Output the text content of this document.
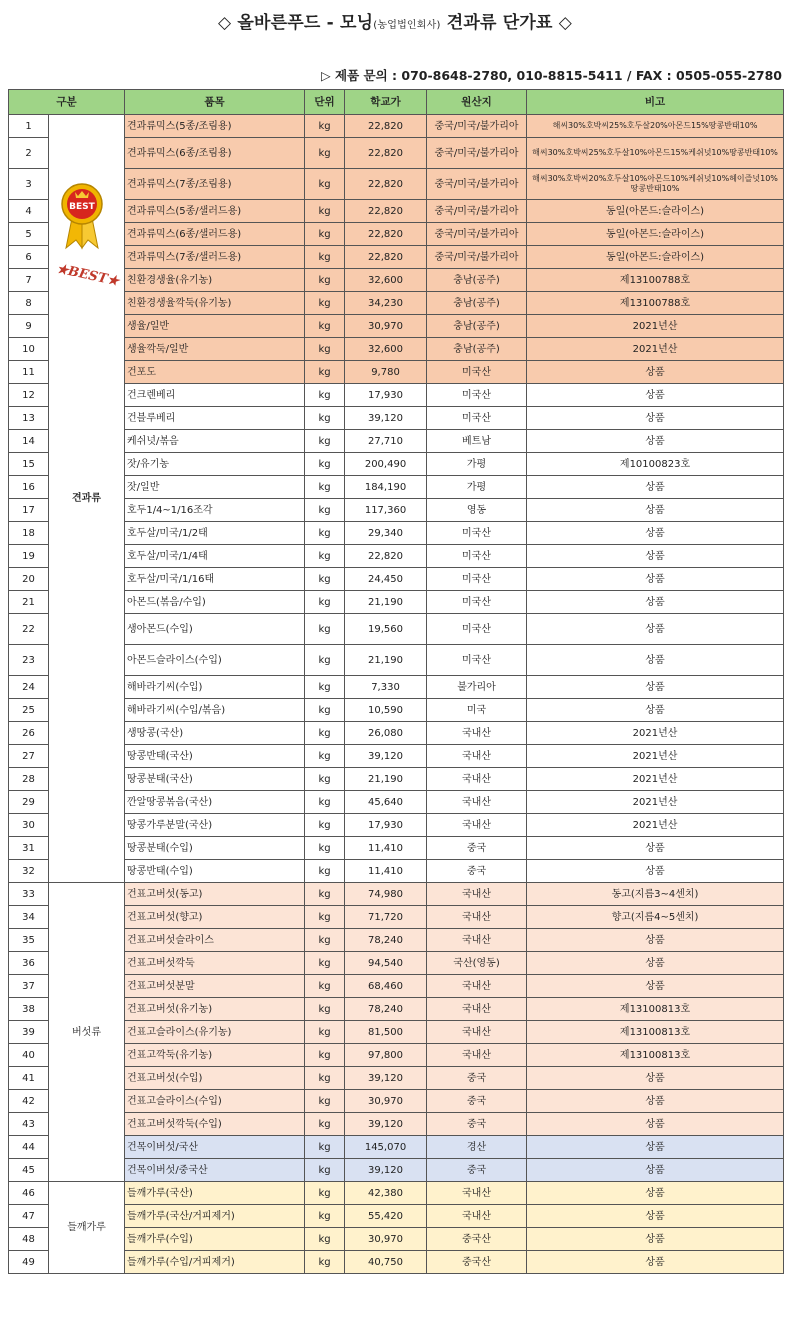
◇ 올바른푸드 - 모닝(농업법인회사) 견과류 단가표 ◇
▷ 제품 문의 : 070-8648-2780, 010-8815-5411 / FAX : 0505-055-2780
구분		품목	단위	학교가	원산지	비고
1	견과류	견과류믹스(5종/조림용)	kg	22,820	중국/미국/불가리아	해씨30%호박씨25%호두살20%아몬드15%땅콩반태10%
2		견과류믹스(6종/조림용)	kg	22,820	중국/미국/불가리아	해씨30%호박씨25%호두살10%아몬드15%케쉬넛10%땅콩반태10%
3		견과류믹스(7종/조림용)	kg	22,820	중국/미국/불가리아	해씨30%호박씨20%호두살10%아몬드10%케쉬넛10%헤이즐넛10%땅콩반태10%
4		견과류믹스(5종/샐러드용)	kg	22,820	중국/미국/불가리아	동일(아몬드:슬라이스)
5		견과류믹스(6종/샐러드용)	kg	22,820	중국/미국/불가리아	동일(아몬드:슬라이스)
6		견과류믹스(7종/샐러드용)	kg	22,820	중국/미국/불가리아	동일(아몬드:슬라이스)
7		친환경생율(유기농)	kg	32,600	충남(공주)	제13100788호
8		친환경생율깍둑(유기농)	kg	34,230	충남(공주)	제13100788호
9		생율/일반	kg	30,970	충남(공주)	2021년산
10		생율깍둑/일반	kg	32,600	충남(공주)	2021년산
11		건포도	kg	9,780	미국산	상품
12		건크렌베리	kg	17,930	미국산	상품
13		건블루베리	kg	39,120	미국산	상품
14		케쉬넛/볶음	kg	27,710	베트남	상품
15		잣/유기농	kg	200,490	가평	제10100823호
16		잣/일반	kg	184,190	가평	상품
17		호두1/4~1/16조각	kg	117,360	영동	상품
18		호두살/미국/1/2태	kg	29,340	미국산	상품
19		호두살/미국/1/4태	kg	22,820	미국산	상품
20		호두살/미국/1/16태	kg	24,450	미국산	상품
21		아몬드(볶음/수입)	kg	21,190	미국산	상품
22		생아몬드(수입)	kg	19,560	미국산	상품
23		아몬드슬라이스(수입)	kg	21,190	미국산	상품
24		해바라기씨(수입)	kg	7,330	불가리아	상품
25		해바라기씨(수입/볶음)	kg	10,590	미국	상품
26		생땅콩(국산)	kg	26,080	국내산	2021년산
27		땅콩반태(국산)	kg	39,120	국내산	2021년산
28		땅콩분태(국산)	kg	21,190	국내산	2021년산
29		깐알땅콩볶음(국산)	kg	45,640	국내산	2021년산
30		땅콩가루분말(국산)	kg	17,930	국내산	2021년산
31		땅콩분태(수입)	kg	11,410	중국	상품
32		땅콩반태(수입)	kg	11,410	중국	상품
33	버섯류	건표고버섯(동고)	kg	74,980	국내산	동고(지름3~4센치)
34		건표고버섯(향고)	kg	71,720	국내산	향고(지름4~5센치)
35		건표고버섯슬라이스	kg	78,240	국내산	상품
36		건표고버섯깍둑	kg	94,540	국산(영동)	상품
37		건표고버섯분말	kg	68,460	국내산	상품
38		건표고버섯(유기농)	kg	78,240	국내산	제13100813호
39		건표고슬라이스(유기농)	kg	81,500	국내산	제13100813호
40		건표고깍둑(유기농)	kg	97,800	국내산	제13100813호
41		건표고버섯(수입)	kg	39,120	중국	상품
42		건표고슬라이스(수입)	kg	30,970	중국	상품
43		건표고버섯깍둑(수입)	kg	39,120	중국	상품
44		건목이버섯/국산	kg	145,070	경산	상품
45		건목이버섯/중국산	kg	39,120	중국	상품
46	들깨가루	들깨가루(국산)	kg	42,380	국내산	상품
47		들깨가루(국산/거피제거)	kg	55,420	국내산	상품
48		들깨가루(수입)	kg	30,970	중국산	상품
49		들깨가루(수입/거피제거)	kg	40,750	중국산	상품
BEST
★BEST★
